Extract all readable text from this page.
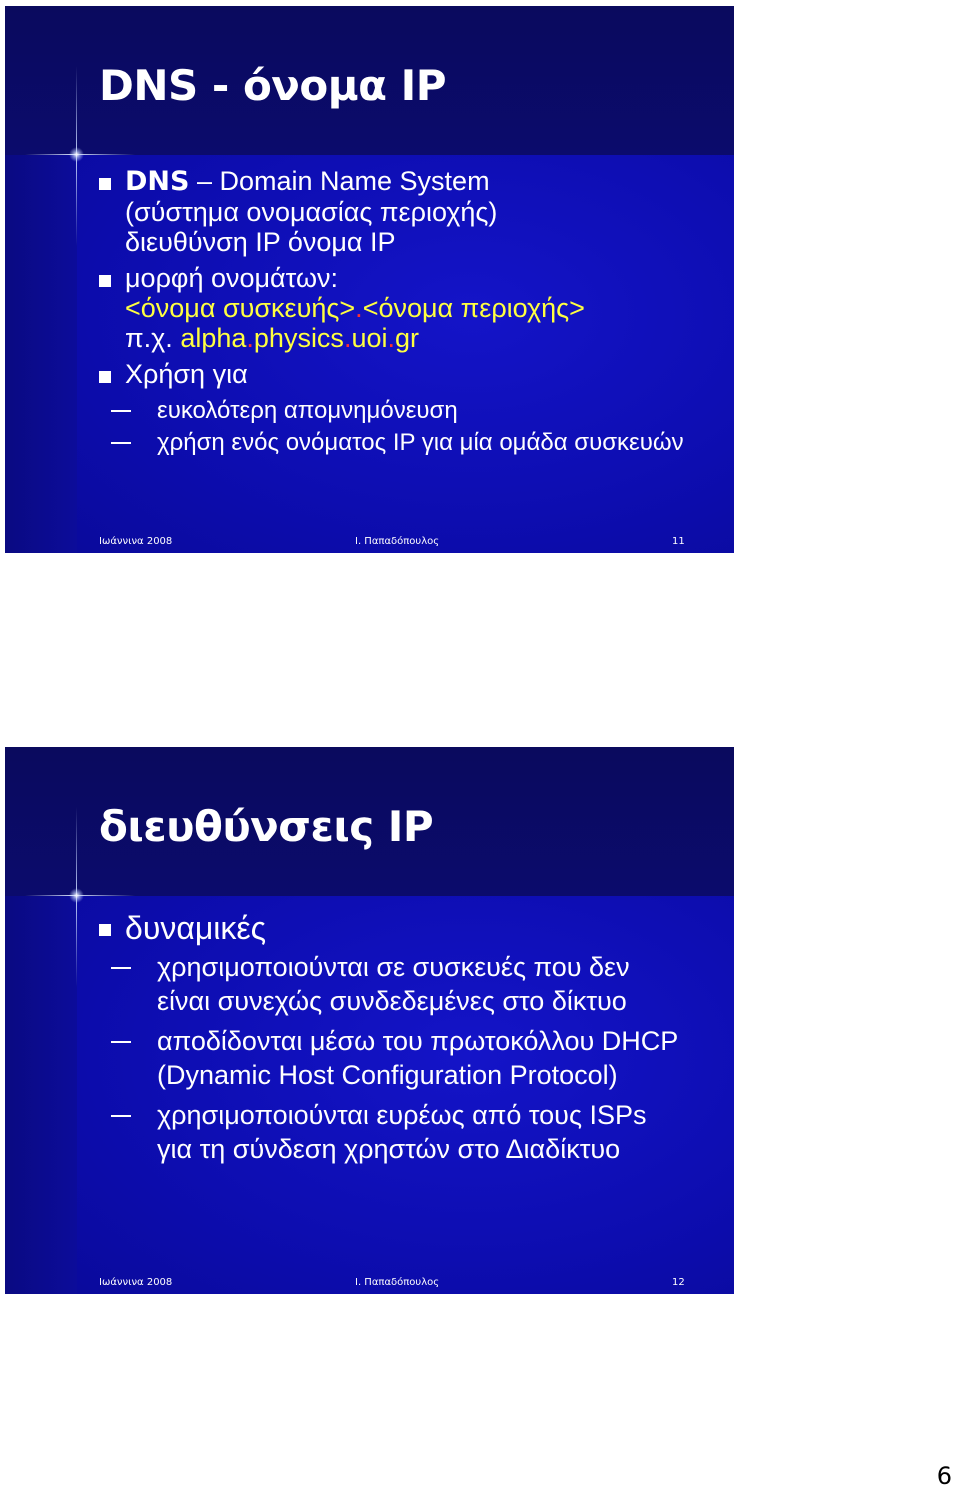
DNS - όνομα IP
DNS – Domain Name System
(σύστημα ονομασίας περιοχής)
διευθύνση IP όνομα IP
μορφή ονομάτων:
<όνομα συσκευής>.<όνομα περιοχής>
π.χ. alpha.physics.uoi.gr
Χρήση για
ευκολότερη απομνημόνευση
χρήση ενός ονόματος IP για μία ομάδα συσκευών
Ιωάννινα 2008	Ι. Παπαδόπουλος	11
διευθύνσεις IP
δυναμικές
χρησιμοποιούνται σε συσκευές που δεν
είναι συνεχώς συνδεδεμένες στο δίκτυο
αποδίδονται μέσω του πρωτοκόλλου DHCP
(Dynamic Host Configuration Protocol)
χρησιμοποιούνται ευρέως από τους ISPs
για τη σύνδεση χρηστών στο Διαδίκτυο
Ιωάννινα 2008	Ι. Παπαδόπουλος	12
6
